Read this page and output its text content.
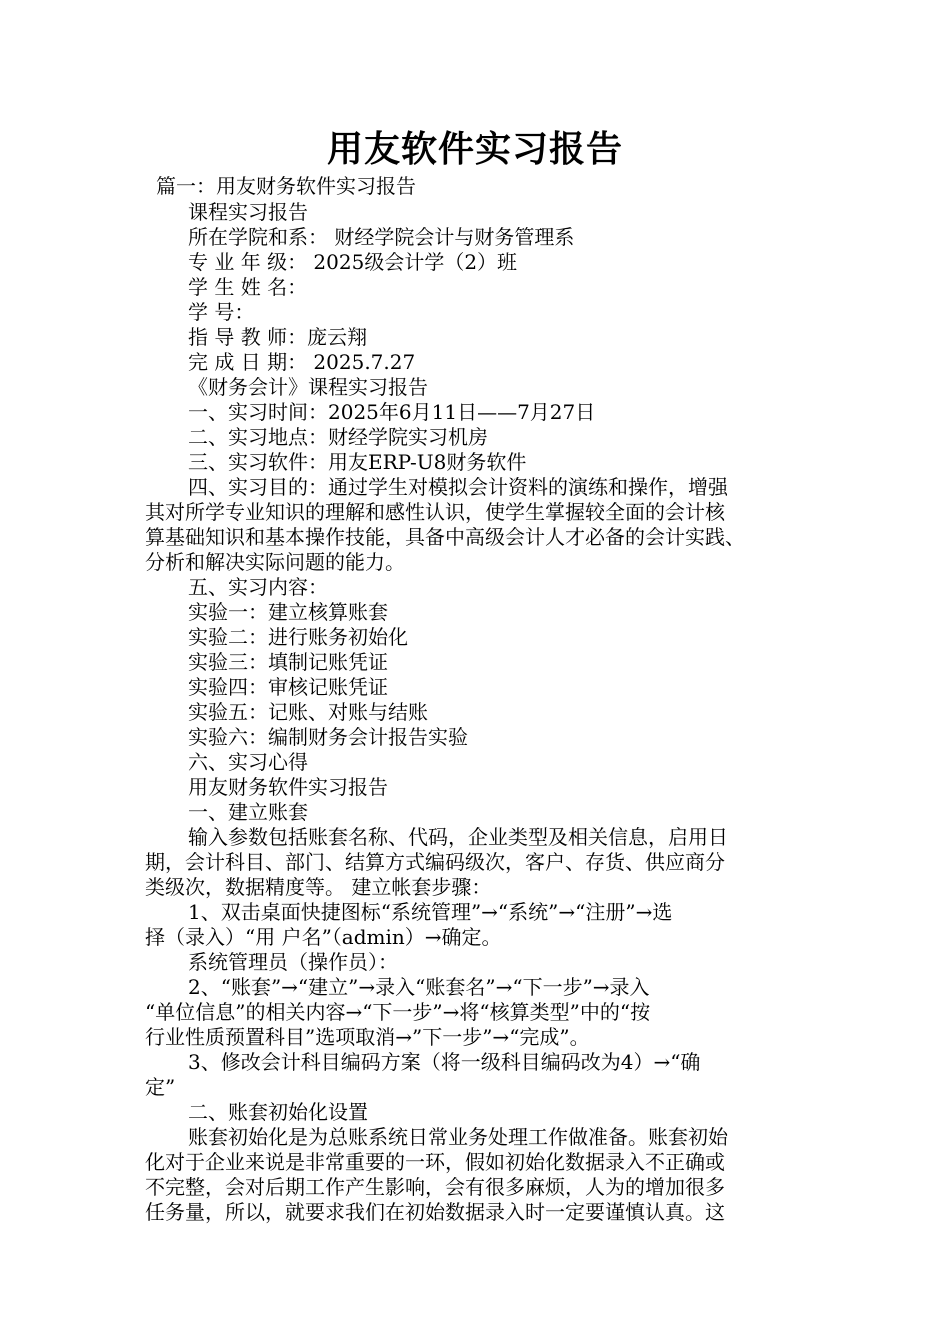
用友软件实习报告
篇一：用友财务软件实习报告
课程实习报告
所在学院和系： 财经学院会计与财务管理系
专 业 年 级： 2025级会计学（2）班
学 生 姓 名：
学 号：
指 导 教 师：庞云翔
完 成 日 期： 2025.7.27
《财务会计》课程实习报告
一、实习时间：2025年6月11日——7月27日
二、实习地点：财经学院实习机房
三、实习软件：用友ERP-U8财务软件
四、实习目的：通过学生对模拟会计资料的演练和操作，增强
其对所学专业知识的理解和感性认识，使学生掌握较全面的会计核
算基础知识和基本操作技能，具备中高级会计人才必备的会计实践、
分析和解决实际问题的能力。
五、实习内容：
实验一：建立核算账套
实验二：进行账务初始化
实验三：填制记账凭证
实验四：审核记账凭证
实验五：记账、对账与结账
实验六：编制财务会计报告实验
六、实习心得
用友财务软件实习报告
一、建立账套
输入参数包括账套名称、代码，企业类型及相关信息，启用日
期，会计科目、部门、结算方式编码级次，客户、存货、供应商分
类级次，数据精度等。 建立帐套步骤：
1、双击桌面快捷图标“系统管理”→“系统”→“注册”→选
择（录入）“用 户名”（admin）→确定。
系统管理员（操作员）：
2、“账套”→“建立”→录入“账套名”→“下一步”→录入
“单位信息”的相关内容→“下一步”→将“核算类型”中的“按
行业性质预置科目”选项取消→”下一步”→“完成”。
3、修改会计科目编码方案（将一级科目编码改为4）→“确
定”
二、账套初始化设置
账套初始化是为总账系统日常业务处理工作做准备。账套初始
化对于企业来说是非常重要的一环，假如初始化数据录入不正确或
不完整，会对后期工作产生影响，会有很多麻烦，人为的增加很多
任务量，所以，就要求我们在初始数据录入时一定要谨慎认真。这
